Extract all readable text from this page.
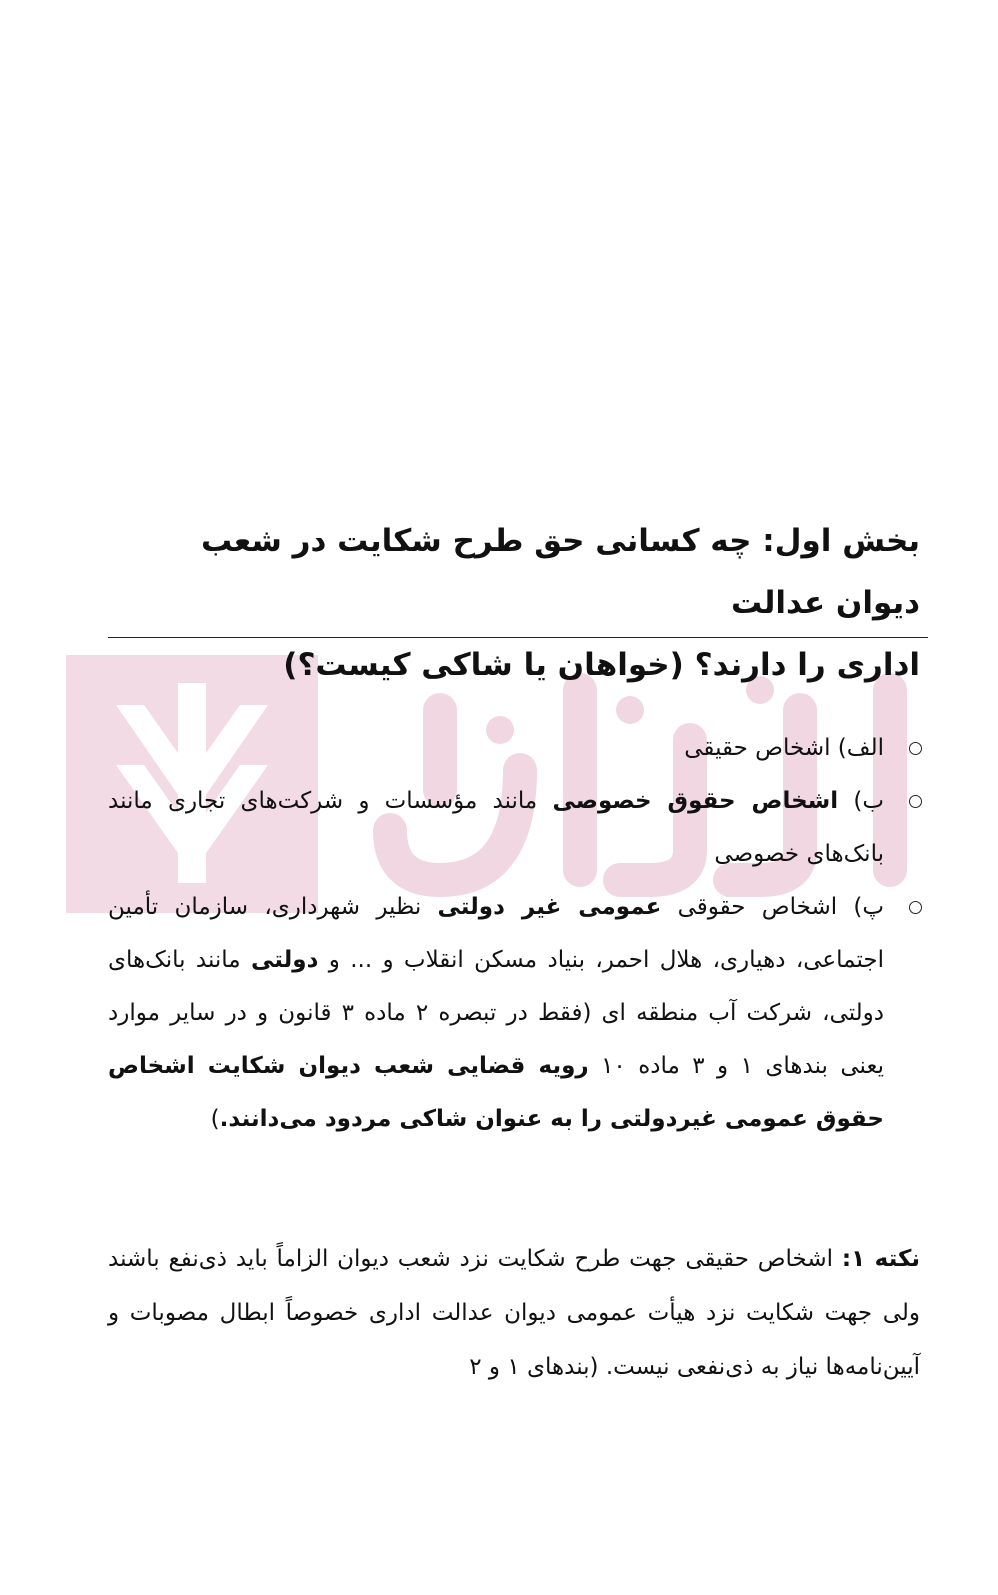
بخش اول: چه کسانی حق طرح شکایت در شعب دیوان عدالت
اداری را دارند؟ (خواهان یا شاکی کیست؟)
الف) اشخاص حقیقی
ب) اشخاص حقوق خصوصی مانند مؤسسات و شرکت‌های تجاری مانند بانک‌های خصوصی
پ) اشخاص حقوقی عمومی غیر دولتی نظیر شهرداری، سازمان تأمین اجتماعی، دهیاری، هلال احمر، بنیاد مسکن انقلاب و ... و دولتی مانند بانک‌های دولتی، شرکت آب منطقه ای (فقط در تبصره ۲ ماده ۳ قانون و در سایر موارد یعنی بندهای ۱ و ۳ ماده ۱۰ رویه قضایی شعب دیوان شکایت اشخاص حقوق عمومی غیردولتی را به عنوان شاکی مردود می‌دانند.)
نکته ۱: اشخاص حقیقی جهت طرح شکایت نزد شعب دیوان الزاماً باید ذی‌نفع باشند ولی جهت شکایت نزد هیأت عمومی دیوان عدالت اداری خصوصاً ابطال مصوبات و آیین‌نامه‌ها نیاز به ذی‌نفعی نیست. (بندهای ۱ و ۲
